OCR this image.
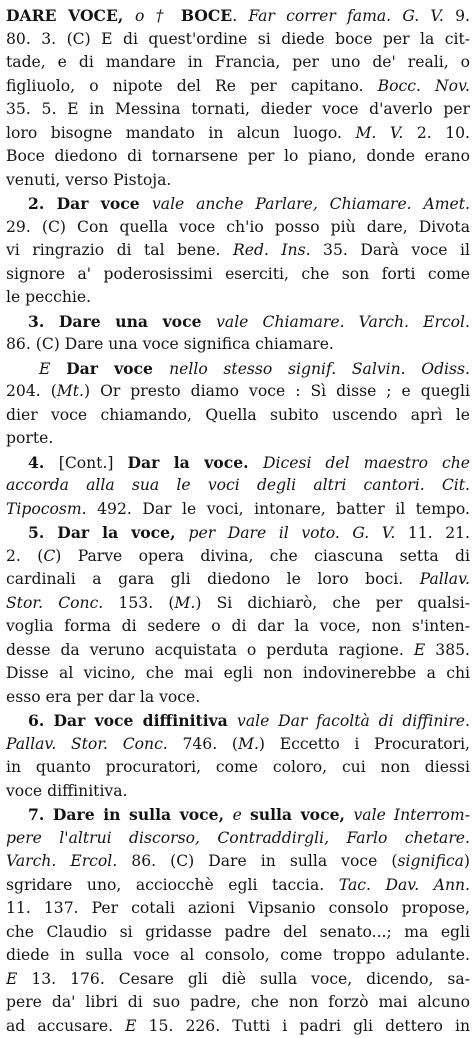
DARE VOCE, o † BOCE. Far correr fama. G. V. 9.
80. 3. (C) E di quest'ordine si diede boce per la cit-
tade, e di mandare in Francia, per uno de' reali, o
figliuolo, o nipote del Re per capitano. Bocc. Nov.
35. 5. E in Messina tornati, dieder voce d'averlo per
loro bisogne mandato in alcun luogo. M. V. 2. 10.
Boce diedono di tornarsene per lo piano, donde erano
venuti, verso Pistoja.
2. Dar voce vale anche Parlare, Chiamare. Amet.
29. (C) Con quella voce ch'io posso più dare, Divota
vi ringrazio di tal bene. Red. Ins. 35. Darà voce il
signore a' poderosissimi eserciti, che son forti come
le pecchie.
3. Dare una voce vale Chiamare. Varch. Ercol.
86. (C) Dare una voce significa chiamare.
E Dar voce nello stesso signif. Salvin. Odiss.
204. (Mt.) Or presto diamo voce : Sì disse ; e quegli
dier voce chiamando, Quella subito uscendo aprì le
porte.
4. [Cont.] Dar la voce. Dicesi del maestro che
accorda alla sua le voci degli altri cantori. Cit.
Tipocosm. 492. Dar le voci, intonare, batter il tempo.
5. Dar la voce, per Dare il voto. G. V. 11. 21.
2. (C) Parve opera divina, che ciascuna setta di
cardinali a gara gli diedono le loro boci. Pallav.
Stor. Conc. 153. (M.) Si dichiarò, che per qualsi-
voglia forma di sedere o di dar la voce, non s'inten-
desse da veruno acquistata o perduta ragione. E 385.
Disse al vicino, che mai egli non indovinerebbe a chi
esso era per dar la voce.
6. Dar voce diffinitiva vale Dar facoltà di diffinire.
Pallav. Stor. Conc. 746. (M.) Eccetto i Procuratori,
in quanto procuratori, come coloro, cui non diessi
voce diffinitiva.
7. Dare in sulla voce, e sulla voce, vale Interrom-
pere l'altrui discorso, Contraddirgli, Farlo chetare.
Varch. Ercol. 86. (C) Dare in sulla voce (significa)
sgridare uno, acciocchè egli taccia. Tac. Dav. Ann.
11. 137. Per cotali azioni Vipsanio consolo propose,
che Claudio si gridasse padre del senato...; ma egli
diede in sulla voce al consolo, come troppo adulante.
E 13. 176. Cesare gli diè sulla voce, dicendo, sa-
pere da' libri di suo padre, che non forzò mai alcuno
ad accusare. E 15. 226. Tutti i padri gli dettero in
